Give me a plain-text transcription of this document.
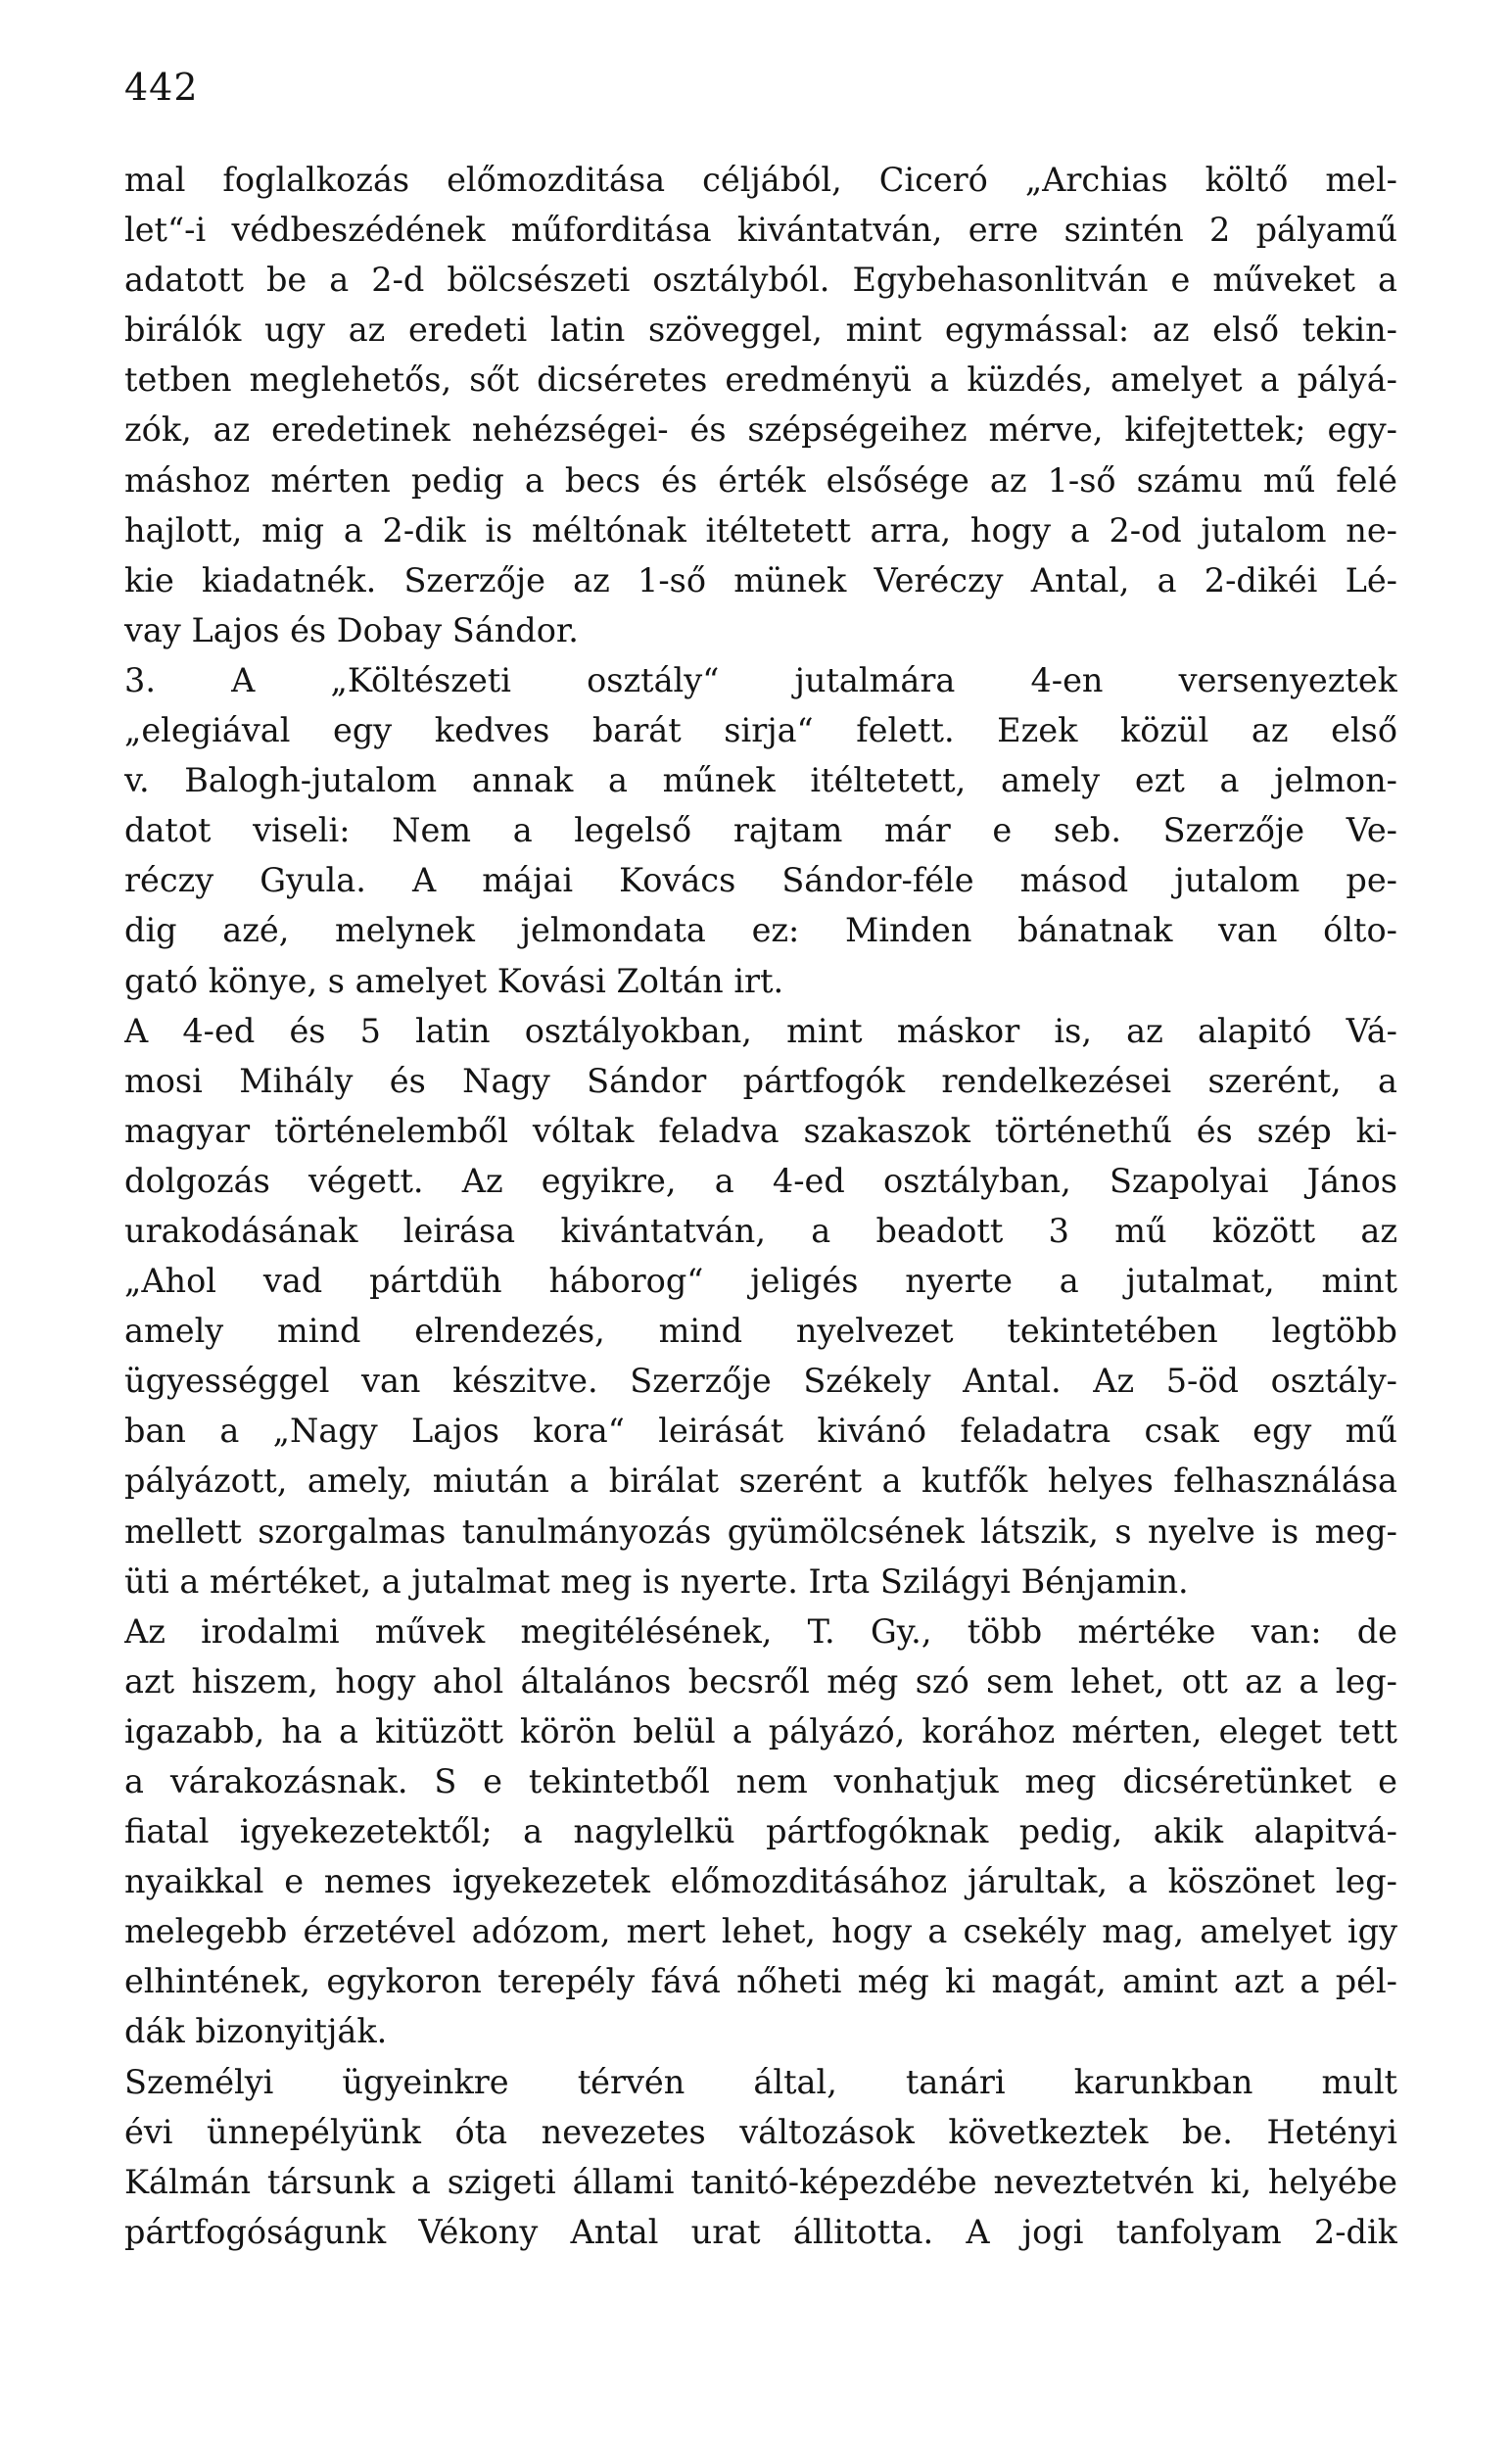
442
mal foglalkozás előmozditása céljából, Ciceró „Archias költő mel-
let“-i védbeszédének műforditása kivántatván, erre szintén 2 pályamű
adatott be a 2-d bölcsészeti osztályból. Egybehasonlitván e műveket a
birálók ugy az eredeti latin szöveggel, mint egymással: az első tekin-
tetben meglehetős, sőt dicséretes eredményü a küzdés, amelyet a pályá-
zók, az eredetinek nehézségei- és szépségeihez mérve, kifejtettek; egy-
máshoz mérten pedig a becs és érték elsősége az 1-ső számu mű felé
hajlott, mig a 2-dik is méltónak itéltetett arra, hogy a 2-od jutalom ne-
kie kiadatnék. Szerzője az 1-ső münek Veréczy Antal, a 2-dikéi Lé-
vay Lajos és Dobay Sándor.
3. A „Költészeti osztály“ jutalmára 4-en versenyeztek
„elegiával egy kedves barát sirja“ felett. Ezek közül az első
v. Balogh-jutalom annak a műnek itéltetett, amely ezt a jelmon-
datot viseli: Nem a legelső rajtam már e seb. Szerzője Ve-
réczy Gyula. A májai Kovács Sándor-féle másod jutalom pe-
dig azé, melynek jelmondata ez: Minden bánatnak van ólto-
gató könye, s amelyet Kovási Zoltán irt.
A 4-ed és 5 latin osztályokban, mint máskor is, az alapitó Vá-
mosi Mihály és Nagy Sándor pártfogók rendelkezései szerént, a
magyar történelemből vóltak feladva szakaszok történethű és szép ki-
dolgozás végett. Az egyikre, a 4-ed osztályban, Szapolyai János
urakodásának leirása kivántatván, a beadott 3 mű között az
„Ahol vad pártdüh háborog“ jeligés nyerte a jutalmat, mint
amely mind elrendezés, mind nyelvezet tekintetében legtöbb
ügyességgel van készitve. Szerzője Székely Antal. Az 5-öd osztály-
ban a „Nagy Lajos kora“ leirását kivánó feladatra csak egy mű
pályázott, amely, miután a birálat szerént a kutfők helyes felhasználása
mellett szorgalmas tanulmányozás gyümölcsének látszik, s nyelve is meg-
üti a mértéket, a jutalmat meg is nyerte. Irta Szilágyi Bénjamin.
Az irodalmi művek megitélésének, T. Gy., több mértéke van: de
azt hiszem, hogy ahol általános becsről még szó sem lehet, ott az a leg-
igazabb, ha a kitüzött körön belül a pályázó, korához mérten, eleget tett
a várakozásnak. S e tekintetből nem vonhatjuk meg dicséretünket e
fiatal igyekezetektől; a nagylelkü pártfogóknak pedig, akik alapitvá-
nyaikkal e nemes igyekezetek előmozditásához járultak, a köszönet leg-
melegebb érzetével adózom, mert lehet, hogy a csekély mag, amelyet igy
elhintének, egykoron terepély fává nőheti még ki magát, amint azt a pél-
dák bizonyitják.
Személyi ügyeinkre térvén által, tanári karunkban mult
évi ünnepélyünk óta nevezetes változások következtek be. Hetényi
Kálmán társunk a szigeti állami tanitó-képezdébe neveztetvén ki, helyébe
pártfogóságunk Vékony Antal urat állitotta. A jogi tanfolyam 2-dik
